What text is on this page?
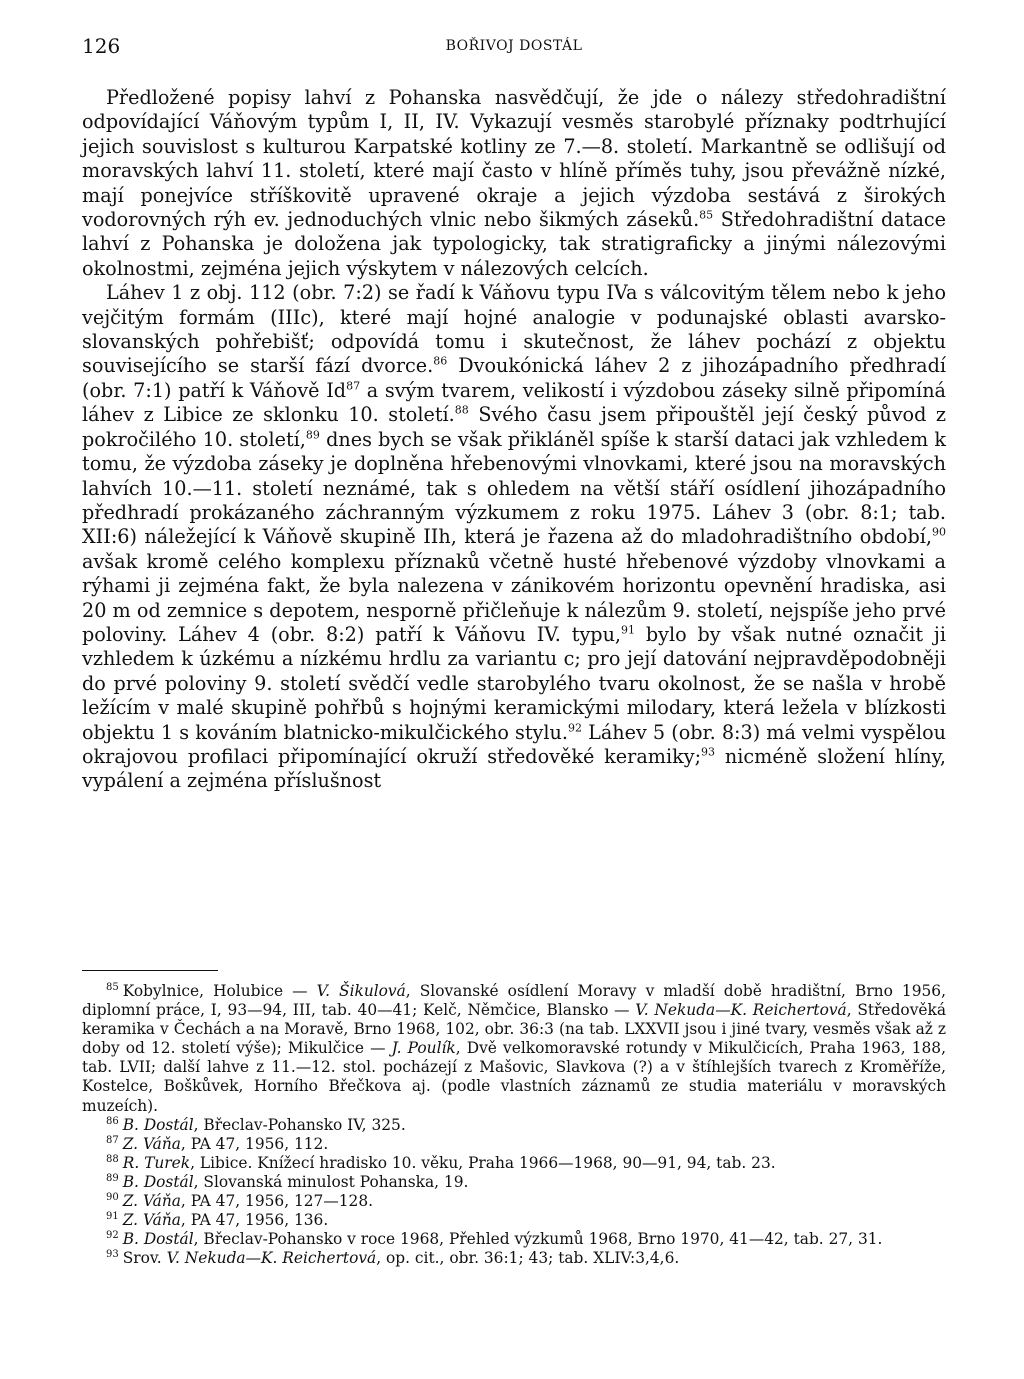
126	BOŘIVOJ DOSTÁL

Předložené popisy lahví z Pohanska nasvědčují, že jde o nálezy středohradištní odpovídající Váňovým typům I, II, IV. Vykazují vesměs starobylé příznaky podtrhující jejich souvislost s kulturou Karpatské kotliny ze 7.—8. století. Markantně se odlišují od moravských lahví 11. století, které mají často v hlíně příměs tuhy, jsou převážně nízké, mají ponejvíce stříškovitě upravené okraje a jejich výzdoba sestává z širokých vodorovných rýh ev. jednoduchých vlnic nebo šikmých záseků.$^{85}$ Středohradištní datace lahví z Pohanska je doložena jak typologicky, tak stratigraficky a jinými nálezovými okolnostmi, zejména jejich výskytem v nálezových celcích.

Láhev 1 z obj. 112 (obr. 7:2) se řadí k Váňovu typu IVa s válcovitým tělem nebo k jeho vejčitým formám (IIIc), které mají hojné analogie v podunajské oblasti avarsko-slovanských pohřebišť; odpovídá tomu i skutečnost, že láhev pochází z objektu souvisejícího se starší fází dvorce.$^{86}$ Dvoukónická láhev 2 z jihozápadního předhradí (obr. 7:1) patří k Váňově Id$^{87}$ a svým tvarem, velikostí i výzdobou záseky silně připomíná láhev z Libice ze sklonku 10. století.$^{88}$ Svého času jsem připouštěl její český původ z pokročilého 10. století,$^{89}$ dnes bych se však přikláněl spíše k starší dataci jak vzhledem k tomu, že výzdoba záseky je doplněna hřebenovými vlnovkami, které jsou na moravských lahvích 10.—11. století neznámé, tak s ohledem na větší stáří osídlení jihozápadního předhradí prokázaného záchranným výzkumem z roku 1975. Láhev 3 (obr. 8:1; tab. XII:6) náležející k Váňově skupině IIh, která je řazena až do mladohradištního období,$^{90}$ avšak kromě celého komplexu příznaků včetně husté hřebenové výzdoby vlnovkami a rýhami ji zejména fakt, že byla nalezena v zánikovém horizontu opevnění hradiska, asi 20 m od zemnice s depotem, nesporně přičleňuje k nálezům 9. století, nejspíše jeho prvé poloviny. Láhev 4 (obr. 8:2) patří k Váňovu IV. typu,$^{91}$ bylo by však nutné označit ji vzhledem k úzkému a nízkému hrdlu za variantu c; pro její datování nejpravděpodobněji do prvé poloviny 9. století svědčí vedle starobylého tvaru okolnost, že se našla v hrobě ležícím v malé skupině pohřbů s hojnými keramickými milodary, která ležela v blízkosti objektu 1 s kováním blatnicko-mikulčického stylu.$^{92}$ Láhev 5 (obr. 8:3) má velmi vyspělou okrajovou profilaci připomínající okruží středověké keramiky;$^{93}$ nicméně složení hlíny, vypálení a zejména příslušnost

$^{85}$ Kobylnice, Holubice — V. Šikulová, Slovanské osídlení Moravy v mladší době hradištní, Brno 1956, diplomní práce, I, 93—94, III, tab. 40—41; Kelč, Němčice, Blansko — V. Nekuda—K. Reichertová, Středověká keramika v Čechách a na Moravě, Brno 1968, 102, obr. 36:3 (na tab. LXXVII jsou i jiné tvary, vesměs však až z doby od 12. století výše); Mikulčice — J. Poulík, Dvě velkomoravské rotundy v Mikulčicích, Praha 1963, 188, tab. LVII; další lahve z 11.—12. stol. pocházejí z Mašovic, Slavkova (?) a v štíhlejších tvarech z Kroměříže, Kostelce, Boškůvek, Horního Břečkova aj. (podle vlastních záznamů ze studia materiálu v moravských muzeích).

$^{86}$ B. Dostál, Břeclav-Pohansko IV, 325.

$^{87}$ Z. Váňa, PA 47, 1956, 112.

$^{88}$ R. Turek, Libice. Knížecí hradisko 10. věku, Praha 1966—1968, 90—91, 94, tab. 23.

$^{89}$ B. Dostál, Slovanská minulost Pohanska, 19.

$^{90}$ Z. Váňa, PA 47, 1956, 127—128.

$^{91}$ Z. Váňa, PA 47, 1956, 136.

$^{92}$ B. Dostál, Břeclav-Pohansko v roce 1968, Přehled výzkumů 1968, Brno 1970, 41—42, tab. 27, 31.

$^{93}$ Srov. V. Nekuda—K. Reichertová, op. cit., obr. 36:1; 43; tab. XLIV:3,4,6.
